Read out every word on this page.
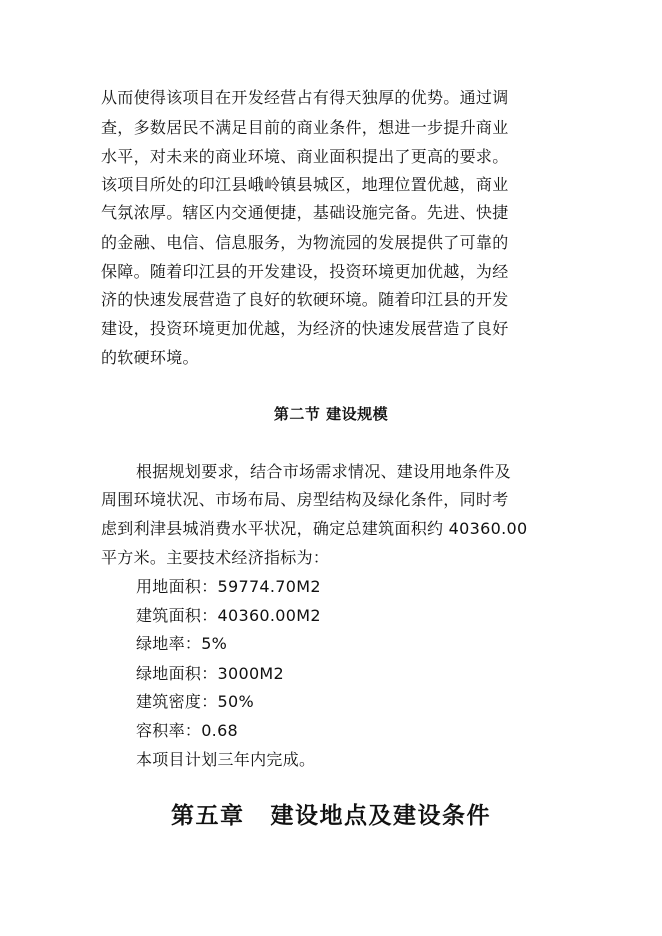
从而使得该项目在开发经营占有得天独厚的优势。通过调
查，多数居民不满足目前的商业条件，想进一步提升商业
水平，对未来的商业环境、商业面积提出了更高的要求。
该项目所处的印江县峨岭镇县城区，地理位置优越，商业
气氛浓厚。辖区内交通便捷，基础设施完备。先进、快捷
的金融、电信、信息服务，为物流园的发展提供了可靠的
保障。随着印江县的开发建设，投资环境更加优越，为经
济的快速发展营造了良好的软硬环境。随着印江县的开发
建设，投资环境更加优越，为经济的快速发展营造了良好
的软硬环境。
第二节 建设规模
根据规划要求，结合市场需求情况、建设用地条件及
周围环境状况、市场布局、房型结构及绿化条件，同时考
虑到利津县城消费水平状况，确定总建筑面积约 40360.00
平方米。主要技术经济指标为：
用地面积：59774.70M2
建筑面积：40360.00M2
绿地率：5%
绿地面积：3000M2
建筑密度：50%
容积率：0.68
本项目计划三年内完成。
第五章 建设地点及建设条件
